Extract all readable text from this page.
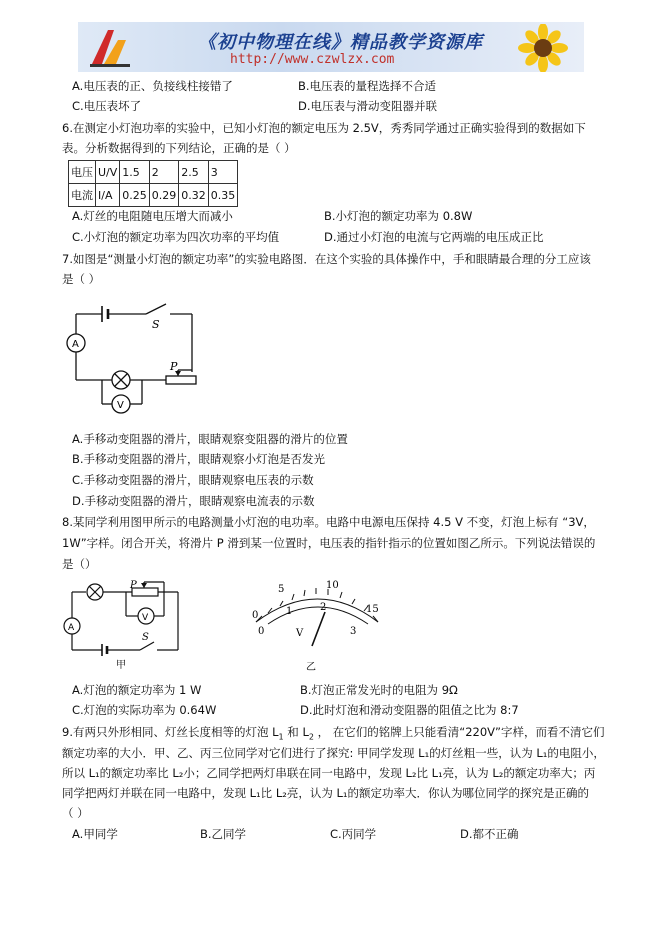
《初中物理在线》精品教学资源库
http://www.czwlzx.com
A.电压表的正、负接线柱接错了	B.电压表的量程选择不合适
C.电压表坏了	D.电压表与滑动变阻器并联
6.在测定小灯泡功率的实验中，已知小灯泡的额定电压为 2.5V，秀秀同学通过正确实验得到的数据如下
表。分析数据得到的下列结论，正确的是（ ）
电压	U/V	1.5	2	2.5	3
电流	I/A	0.25	0.29	0.32	0.35
A.灯丝的电阻随电压增大而减小	B.小灯泡的额定功率为 0.8W
C.小灯泡的额定功率为四次功率的平均值	D.通过小灯泡的电流与它两端的电压成正比
7.如图是“测量小灯泡的额定功率”的实验电路图．在这个实验的具体操作中，手和眼睛最合理的分工应该
是（ ）
S
A
V
P
A.手移动变阻器的滑片，眼睛观察变阻器的滑片的位置
B.手移动变阻器的滑片，眼睛观察小灯泡是否发光
C.手移动变阻器的滑片，眼睛观察电压表的示数
D.手移动变阻器的滑片，眼睛观察电流表的示数
8.某同学利用图甲所示的电路测量小灯泡的电功率。电路中电源电压保持 4.5 V 不变，灯泡上标有 “3V，
1W”字样。闭合开关，将滑片 P 滑到某一位置时，电压表的指针指示的位置如图乙所示。下列说法错误的
是（）
P
A
V
S
甲
0
5	10
15
0
1	2
3
V
乙
A.灯泡的额定功率为 1 W	B.灯泡正常发光时的电阻为 9Ω
C.灯泡的实际功率为 0.64W	D.此时灯泡和滑动变阻器的阻值之比为 8:7
9.有两只外形相同、灯丝长度相等的灯泡 $L_1$ 和 $L_2$ ， 在它们的铭牌上只能看清“220V”字样，而看不清它们
额定功率的大小．甲、乙、丙三位同学对它们进行了探究: 甲同学发现 L₁的灯丝粗一些，认为 L₁的电阻小，
所以 L₁的额定功率比 L₂小；乙同学把两灯串联在同一电路中，发现 L₂比 L₁亮，认为 L₂的额定功率大；丙
同学把两灯并联在同一电路中，发现 L₁比 L₂亮，认为 L₁的额定功率大．你认为哪位同学的探究是正确的
（ ）
A.甲同学	B.乙同学	C.丙同学	D.都不正确
